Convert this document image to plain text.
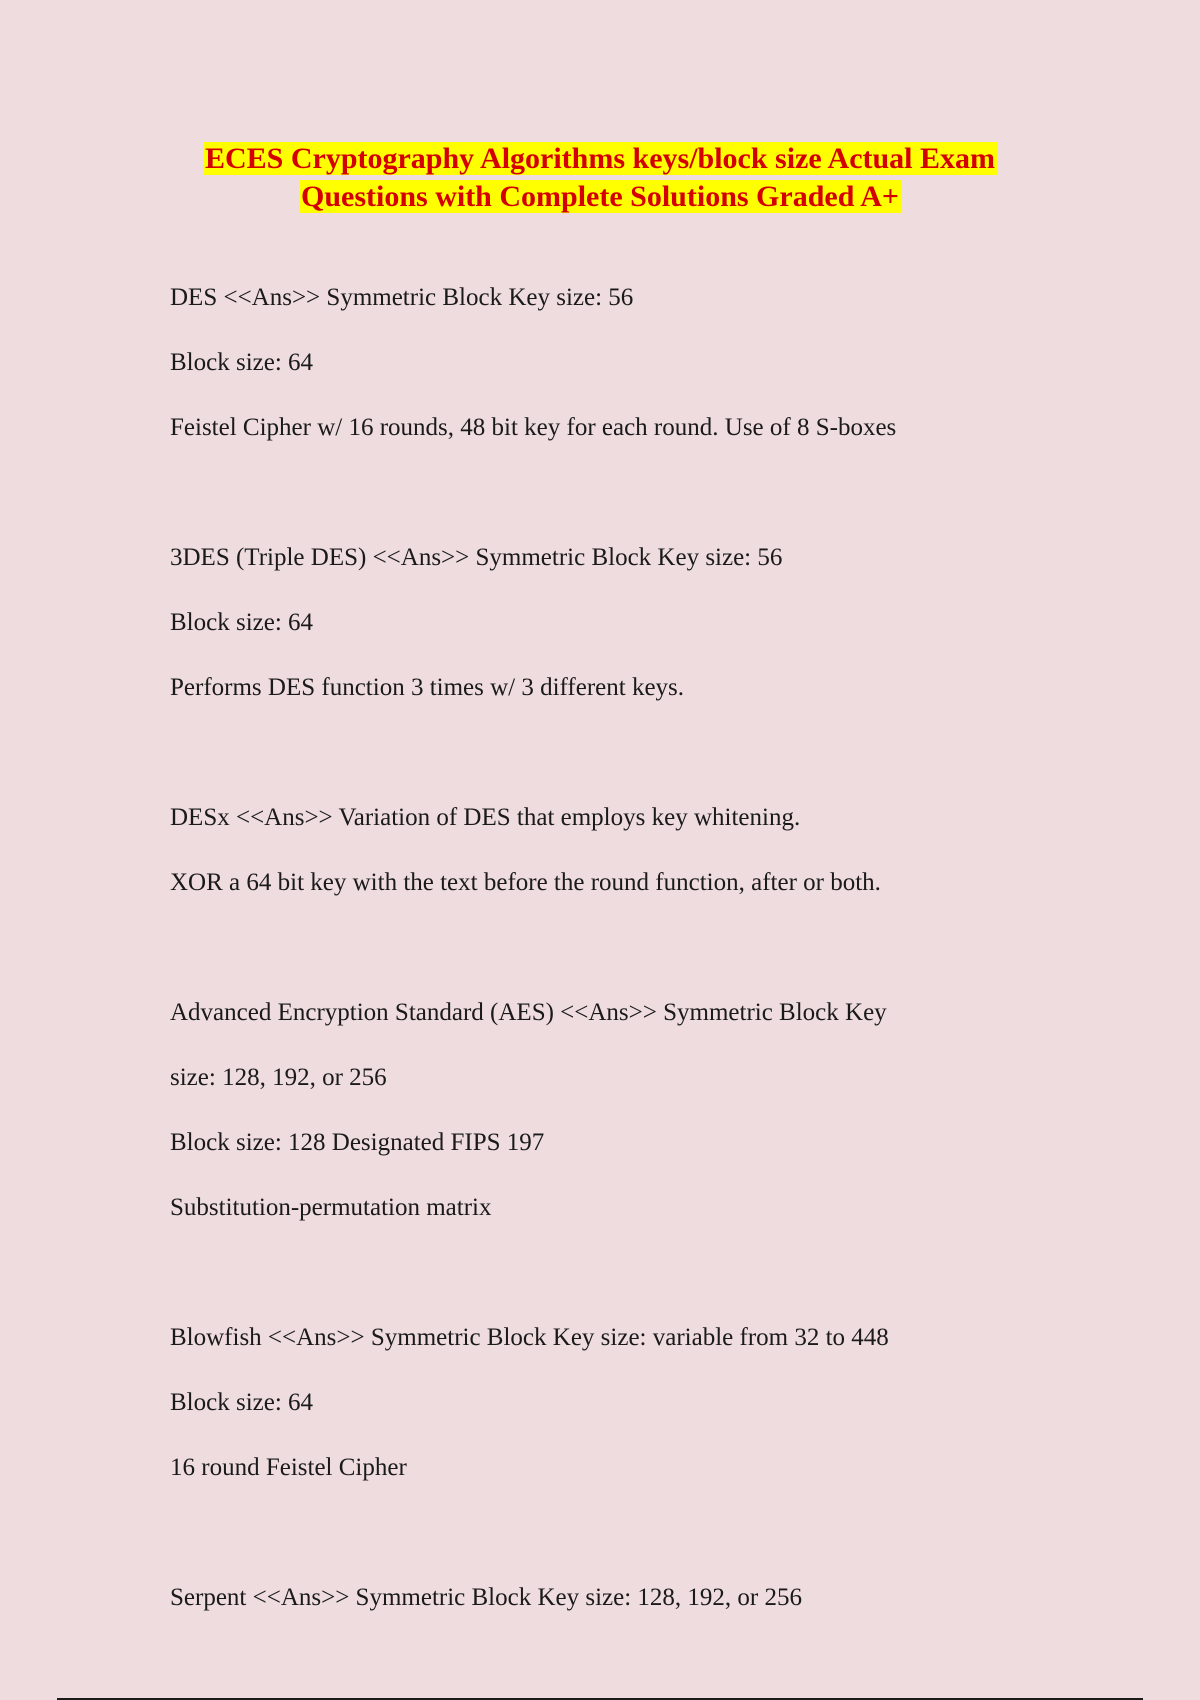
ECES Cryptography Algorithms keys/block size Actual Exam
Questions with Complete Solutions Graded A+
DES <<Ans>> Symmetric Block Key size: 56
Block size: 64
Feistel Cipher w/ 16 rounds, 48 bit key for each round. Use of 8 S-boxes
3DES (Triple DES) <<Ans>> Symmetric Block Key size: 56
Block size: 64
Performs DES function 3 times w/ 3 different keys.
DESx <<Ans>> Variation of DES that employs key whitening.
XOR a 64 bit key with the text before the round function, after or both.
Advanced Encryption Standard (AES) <<Ans>> Symmetric Block Key
size: 128, 192, or 256
Block size: 128 Designated FIPS 197
Substitution-permutation matrix
Blowfish <<Ans>> Symmetric Block Key size: variable from 32 to 448
Block size: 64
16 round Feistel Cipher
Serpent <<Ans>> Symmetric Block Key size: 128, 192, or 256
